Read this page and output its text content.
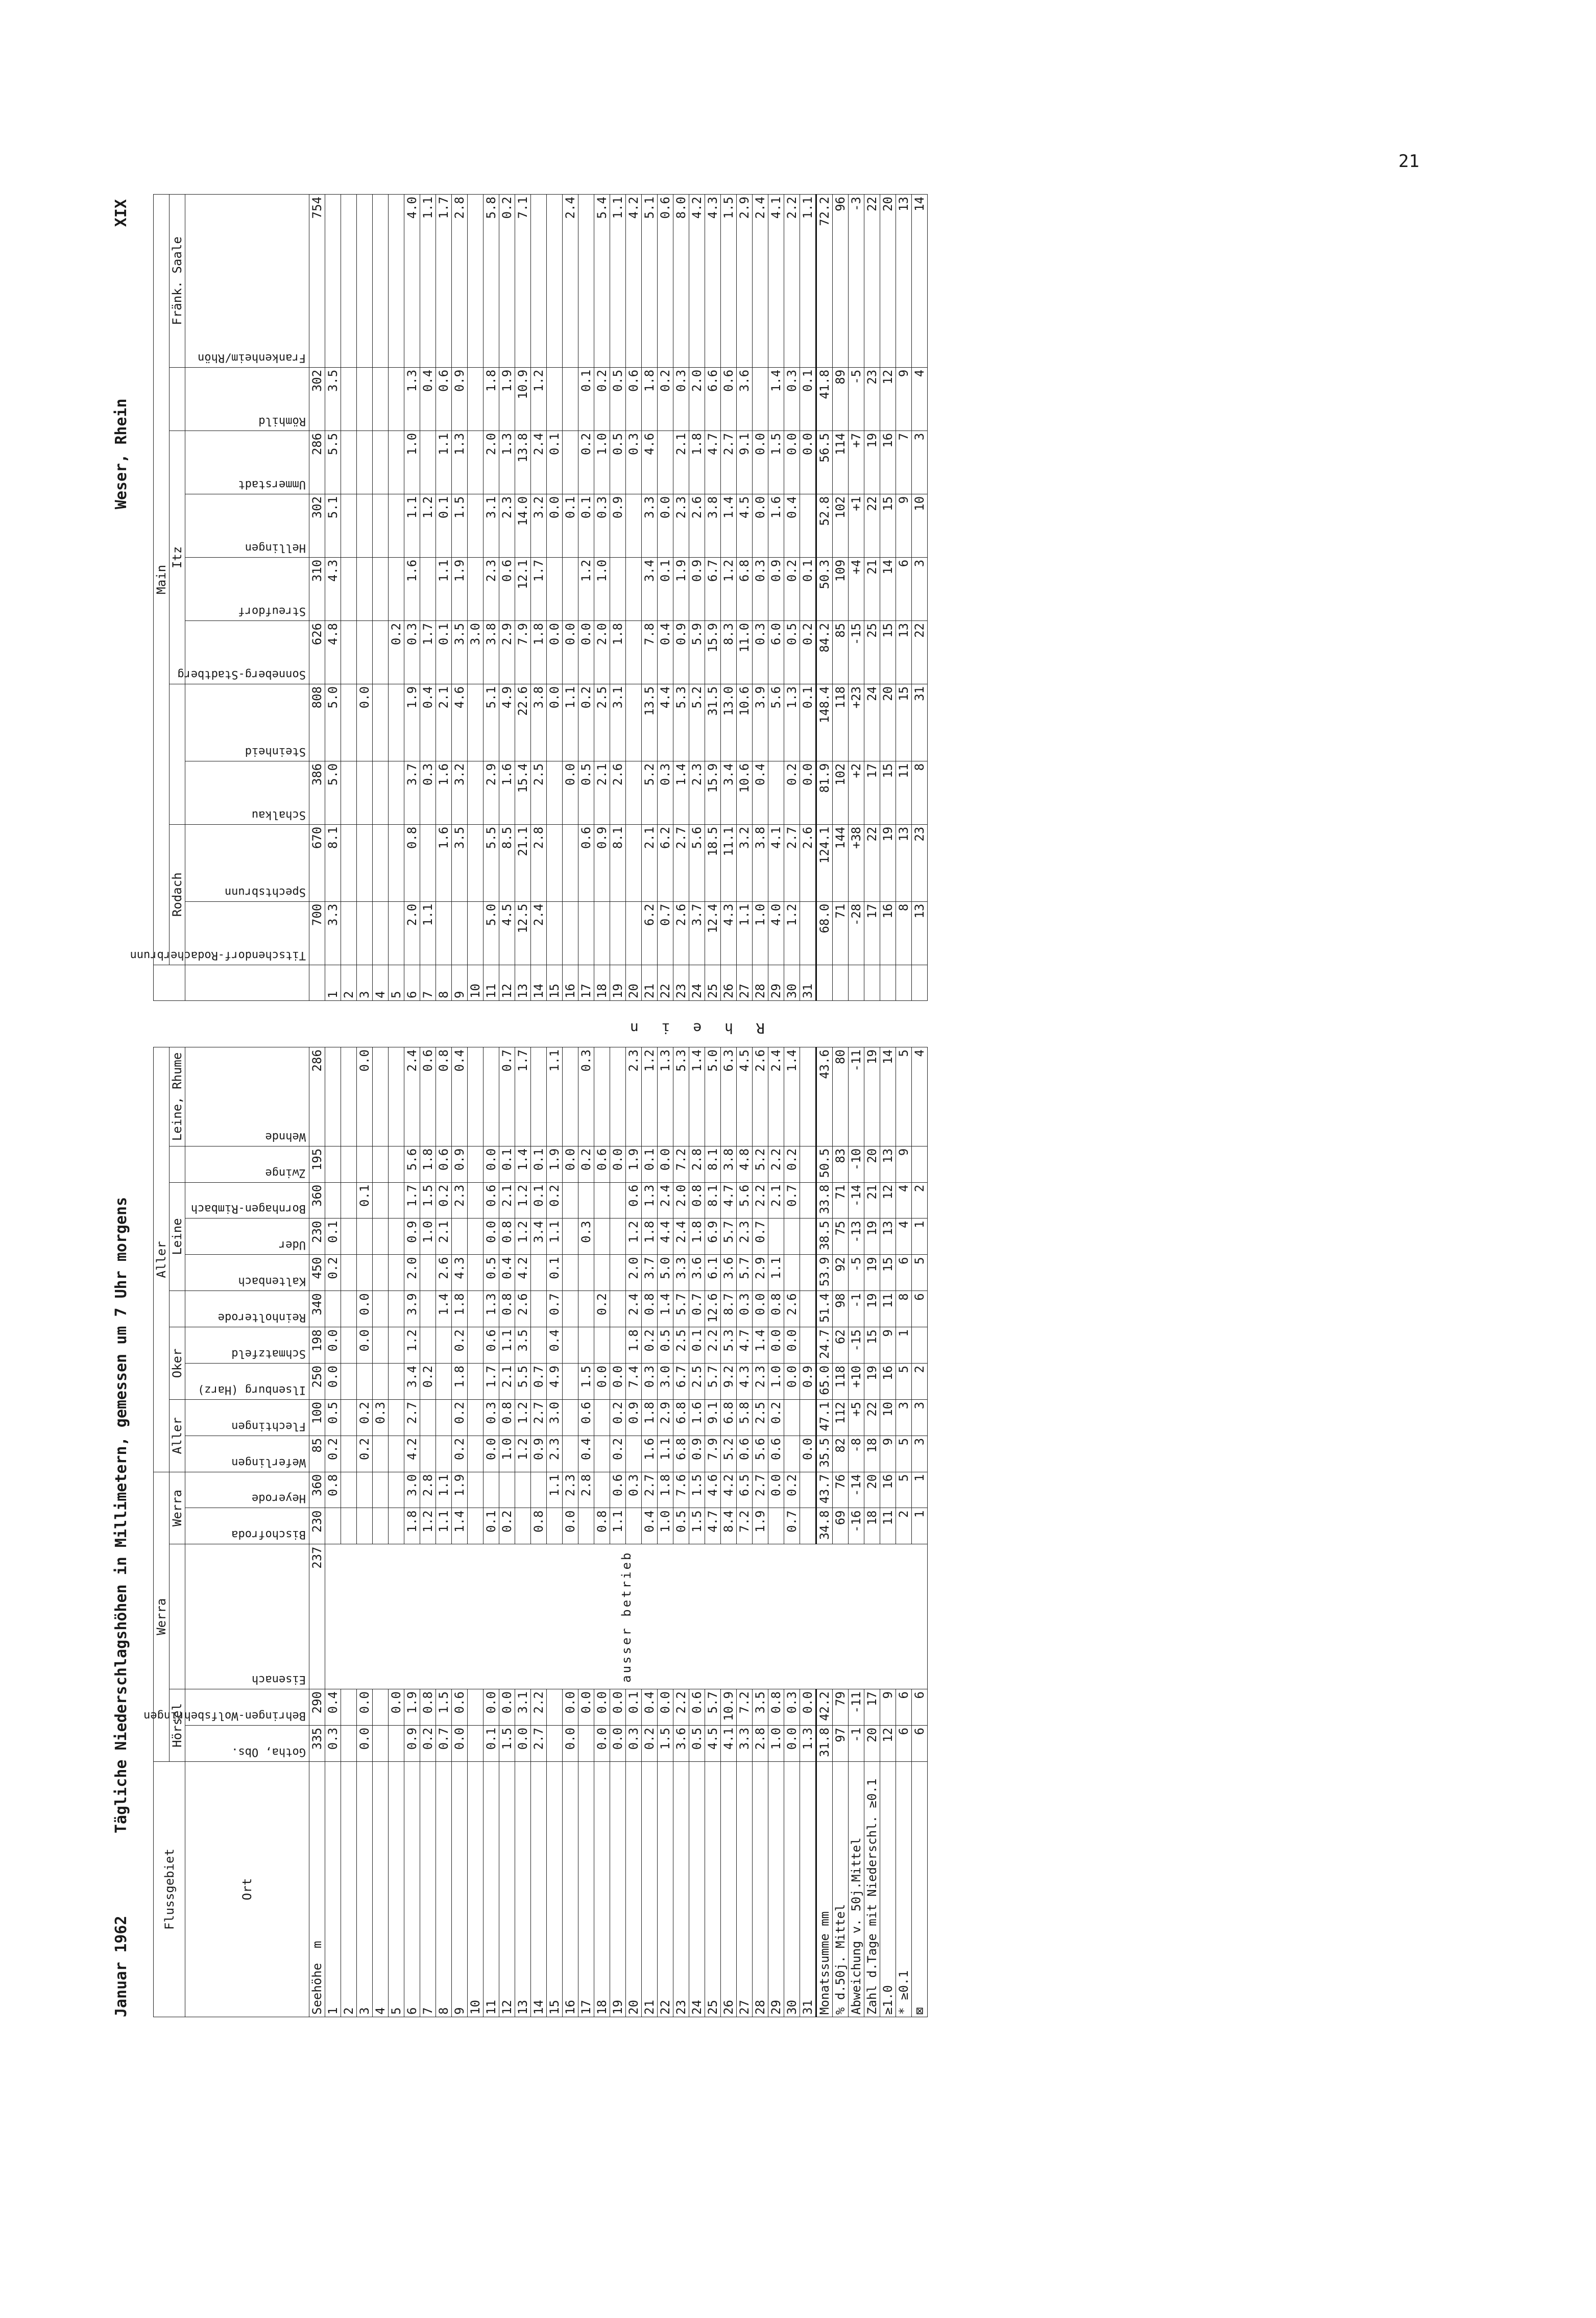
21
Januar 1962
Tägliche Niederschlagshöhen in Millimetern, gemessen um 7 Uhr morgens
Weser, Rhein  XIX
Flussgebiet	Werra					Aller									
	Hörsel			Werra		Aller		Oker			Leine				Leine, Rhume
Ort	Gotha, Obs.	Behringen-Wolfsbehringen	Eisenach	Bischofroda	Heyerode	Weferlingen	Flechtingen	Ilsenburg (Harz)	Schmatzfeld	Reinholterode	Kaltenbach	Uder	Bornhagen-Rimbach	Zwinge	Wehnde

Seehöhe  m	335	290	237	230	360	85	100	250	198	340	450	230	360	195	286
1	0.3	0.4	ausser betrieb		0.8	0.2	0.5	0.0	0.0		0.2	0.1			
2															
3	0.0	0.0				0.2	0.2		0.0	0.0			0.1		0.0
4							0.3								
5		0.0													
6	0.9	1.9		1.8	3.0	4.2	2.7	3.4	1.2	3.9	2.0	0.9	1.7	5.6	2.4
7	0.2	0.8		1.2	2.8			0.2				1.0	1.5	1.8	0.6
8	0.7	1.5		1.1	1.1					1.4	2.6	2.1	0.2	0.6	0.8
9	0.0	0.6		1.4	1.9	0.2	0.2	1.8	0.2	1.8	4.3		2.3	0.9	0.4
10															
11	0.1	0.0		0.1		0.0	0.3	1.7	0.6	1.3	0.5	0.0	0.6	0.0	
12	1.5	0.0		0.2		1.0	0.8	2.1	1.1	0.8	0.4	0.8	2.1	0.1	0.7
13	0.0	3.1				1.2	1.2	5.5	3.5	2.6	4.2	1.2	1.2	1.4	1.7
14	2.7	2.2		0.8		0.9	2.7	0.7				3.4	0.1	0.1	
15					1.1	2.3	3.0	4.9	0.4	0.7	0.1	1.1	0.2	1.9	1.1
16	0.0	0.0		0.0	2.3									0.0	
17		0.0			2.8	0.4	0.6	1.5				0.3		0.2	0.3
18	0.0	0.0		0.8				0.0		0.2				0.6	
19	0.0	0.0		1.1	0.6	0.2	0.2	0.0						0.0	
20	0.3	0.1			0.3		0.9	7.4	1.8	2.4	2.0	1.2	0.6	1.9	2.3
21	0.2	0.4		0.4	2.7	1.6	1.8	0.3	0.2	0.8	3.7	1.8	1.3	0.1	1.2
22	1.5	0.0		1.0	1.8	1.1	2.9	3.0	0.5	1.4	5.0	4.4	2.4	0.0	1.3
23	3.6	2.2		0.5	7.6	6.8	6.8	6.7	2.5	5.7	3.3	2.4	2.0	7.2	5.3
24	0.5	0.6		1.5	1.5	0.9	1.6	2.5	0.1	0.7	3.6	1.8	0.8	2.8	1.4
25	4.5	5.7		4.7	4.6	7.9	9.1	5.7	2.2	12.6	6.1	6.9	8.1	8.1	5.0
26	4.1	10.9		8.4	4.2	5.2	6.8	9.2	5.3	8.7	3.6	5.7	4.7	3.8	6.3
27	3.3	7.2		7.2	6.5	0.6	5.8	4.3	4.7	0.3	5.7	2.3	5.6	4.8	4.5
28	2.8	3.5		1.9	2.7	5.6	2.5	2.3	1.4	0.0	2.9	0.7	2.2	5.2	2.6
29	1.0	0.8			0.0	0.6	0.2	1.0	0.0	0.8	1.1		2.1	2.2	2.4
30	0.0	0.3		0.7	0.2			0.0	0.0	2.6			0.7	0.2	1.4
31	1.3	0.0				0.0		0.9							
Monatssumme mm	31.8	42.2		34.8	43.7	35.5	47.1	65.0	24.7	51.4	53.9	38.5	33.8	50.5	43.6
% d.50j. Mittel	97	79		69	76	82	112	118	62	98	92	75	71	83	80
Abweichung v. 50j.Mittel	-1	-11		-16	-14	-8	+5	+10	-15	-1	-5	-13	-14	-10	-11
Zahl d.Tage mit Niederschl. ≥0.1	20	17		18	20	18	22	19	15	19	19	19	21	20	19
≥1.0	12	9		11	16	9	10	16	9	11	15	13	12	13	14
* ≥0.1	6	6		2	5	5	3	5	1	8	6	4	4	9	5
⊠	6	6		1	1	3	3	2		6	5	1	2		4
R h e i n
	Main									
	Rodach				Itz					Fränk. Saale

	Titschendorf-Rodacherbrunn	Spechtsbrunn	Schalkau	Steinheid	Sonneberg-Stadtberg	Streufdorf	Hellingen	Ummerstadt	Römhild	Frankenheim/Rhön

	700	670	386	808	626	310	302	286	302	754
1	3.3	8.1	5.0	5.0	4.8	4.3	5.1	5.5	3.5	
2										
3				0.0						
4										
5					0.2					
6	2.0	0.8	3.7	1.9	0.3	1.6	1.1	1.0	1.3	4.0
7	1.1		0.3	0.4	1.7		1.2		0.4	1.1
8		1.6	1.6	2.1	0.1	1.1	0.1	1.1	0.6	1.7
9		3.5	3.2	4.6	3.5	1.9	1.5	1.3	0.9	2.8
10					3.0					
11	5.0	5.5	2.9	5.1	3.8	2.3	3.1	2.0	1.8	5.8
12	4.5	8.5	1.6	4.9	2.9	0.6	2.3	1.3	1.9	0.2
13	12.5	21.1	15.4	22.6	7.9	12.1	14.0	13.8	10.9	7.1
14	2.4	2.8	2.5	3.8	1.8	1.7	3.2	2.4	1.2	
15				0.0	0.0		0.0	0.1		
16			0.0	1.1	0.0		0.1			2.4
17		0.6	0.5	0.2	0.0	1.2	0.1	0.2	0.1	
18		0.9	2.1	2.5	2.0	1.0	0.3	1.0	0.2	5.4
19		8.1	2.6	3.1	1.8		0.9	0.5	0.5	1.1
20								0.3	0.6	4.2
21	6.2	2.1	5.2	13.5	7.8	3.4	3.3	4.6	1.8	5.1
22	0.7	6.2	0.3	4.4	0.4	0.1	0.0		0.2	0.6
23	2.6	2.7	1.4	5.3	0.9	1.9	2.3	2.1	0.3	8.0
24	3.7	5.6	2.3	5.2	5.9	0.9	2.6	1.8	2.0	4.2
25	12.4	18.5	15.9	31.5	15.9	6.7	3.8	4.7	6.6	4.3
26	4.3	11.1	3.4	13.0	8.3	1.2	1.4	2.7	0.6	1.5
27	1.1	3.2	10.6	10.6	11.0	6.8	4.5	9.1	3.6	2.9
28	1.0	3.8	0.4	3.9	0.3	0.3	0.0	0.0		2.4
29	4.0	4.1		5.6	6.0	0.9	1.6	1.5	1.4	4.1
30	1.2	2.7	0.2	1.3	0.5	0.2	0.4	0.0	0.3	2.2
31		2.6	0.0	0.1	0.2	0.1		0.0	0.1	1.1
	68.0	124.1	81.9	148.4	84.2	50.3	52.8	56.5	41.8	72.2
	71	144	102	118	85	109	102	114	89	96
	-28	+38	+2	+23	-15	+4	+1	+7	-5	-3
	17	22	17	24	25	21	22	19	23	22
	16	19	15	20	15	14	15	16	12	20
	8	13	11	15	13	6	9	7	9	13
	13	23	8	31	22	3	10	3	4	14
